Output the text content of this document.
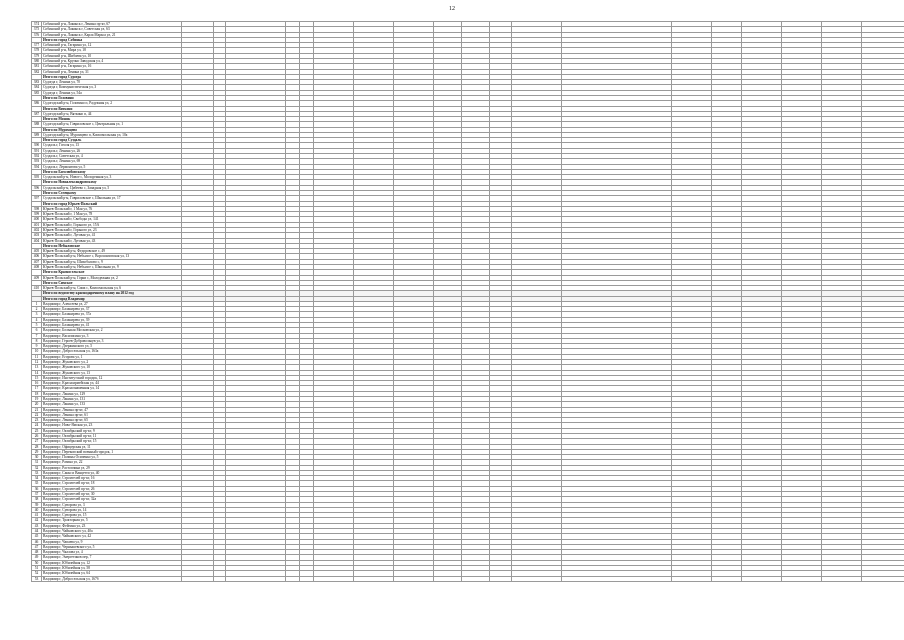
12
374	Собинский р-н, Лакинск г, Ленина пр-кт, 67																			
375	Собинский р-н, Лакинск г, Советская ул, 63																			
376	Собинский р-н, Лакинск г, Карла Маркса ул, 21																			
	Итого по город Собинка																			
377	Собинский р-н, Гагарина ул, 12																			
378	Собинский р-н, Мира ул, 18																			
379	Собинский р-н, Шибаева ул, 10																			
380	Собинский р-н, Крупно Заводская ул, 4																			
381	Собинский р-н, Гагарина ул, 16																			
382	Собинский р-н, Ленина ул, 31																			
	Итого по город Судогда																			
383	Судогда г, Ленина ул, 70																			
384	Судогда г, Коммунистическая ул, 3																			
385	Судогда г, Ленина ул, 54а																			
	Итого по Головино																			
386	Судогодский р-н, Головино п, Радужная ул, 2																			
	Итого по Вяткино																			
387	Судогодский р-н, Вяткино п, 44																			
	Итого по Мошок																			
388	Судогодский р-н, Гавриловское с, Центральная ул, 1																			
	Итого по Муромцево																			
389	Судогодский р-н, Муромцево п, Комсомольская ул, 10а																			
	Итого по город Суздаль																			
390	Суздаль г, Гоголя ул, 13																			
391	Суздаль г, Ленина ул, 26																			
392	Суздаль г, Советская ул, 4																			
393	Суздаль г, Ленина ул, 69																			
394	Суздаль г, Лермонтова ул, 5																			
	Итого по Боголюбовскому																			
395	Суздальский р-н, Новое с, Молодежная ул, 3																			
	Итого по Новоалександровскому																			
396	Суздальский р-н, Цибеево с, Западная ул, 5																			
	Итого по Селецкому																			
397	Суздальский р-н, Гавриловское с, Школьная ул, 17																			
	Итого по город Юрьев-Польский																			
398	Юрьев-Польский г, 1 Мая ул, 76																			
399	Юрьев-Польский г, 1 Мая ул, 78																			
400	Юрьев-Польский г, Свободы ул, 141																			
401	Юрьев-Польский г, Горького ул, 15А																			
402	Юрьев-Польский г, Горького ул, 23																			
403	Юрьев-Польский г, Луговая ул, 41																			
404	Юрьев-Польский г, Луговая ул, 43																			
	Итого по Небыловское																			
405	Юрьев-Польский р-н, Федоровское с, 49																			
406	Юрьев-Польский р-н, Небылое с, Ворошиловская ул, 13																			
407	Юрьев-Польский р-н, Шихобалово с, 9																			
408	Юрьев-Польский р-н, Небылое с, Школьная ул, 9																			
	Итого по Красносельское																			
409	Юрьев-Польский р-н, Горки с, Молодежная ул, 2																			
	Итого по Симское																			
410	Юрьев-Польский р-н, Сима с, Комсомольская ул, 6																			
	Итого по ведомству краснодарочному плану на 2012 год																			
	Итого по город Владимир																			
1	Владимир г, Алексеева ул, 27																			
2	Владимир г, Балакирева ул, 37																			
3	Владимир г, Балакирева ул, 37а																			
4	Владимир г, Балакирева ул, 39																			
5	Владимир г, Балакирева ул, 41																			
6	Владимир г, Большая Московская ул, 2																			
7	Владимир г, Василисина ул, 3																			
8	Владимир г, Героев-Добровольцев ул, 3																			
9	Владимир г, Дзержинского ул, 5																			
10	Владимир г, Добросельская ул, 163а																			
11	Владимир г, Егорова ул, 1																			
12	Владимир г, Жуковского ул, 2																			
13	Владимир г, Жуковского ул, 10																			
14	Владимир г, Жуковского ул, 13																			
15	Владимир г, Институтский городок, 12																			
16	Владимир г, Красноармейская ул, 44																			
17	Владимир г, Краснознаменная ул, 14																			
18	Владимир г, Лакина ул, 129																			
19	Владимир г, Лакина ул, 131																			
20	Владимир г, Лакина ул, 133																			
21	Владимир г, Ленина пр-кт, 47																			
22	Владимир г, Ленина пр-кт, 61																			
23	Владимир г, Ленина пр-кт, 65																			
24	Владимир г, Ново-Ямская ул, 23																			
25	Владимир г, Октябрьский пр-кт, 9																			
26	Владимир г, Октябрьский пр-кт, 11																			
27	Владимир г, Октябрьский пр-кт, 15																			
28	Владимир г, Офицерская ул, 11																			
29	Владимир г, Перекопский военный городок, 1																			
30	Владимир г, Полины Осипенко ул, 5																			
31	Владимир г, Разина ул, 22																			
32	Владимир г, Растопчина ул, 29																			
33	Владимир г, Сакко и Ванцетти ул, 40																			
34	Владимир г, Строителей пр-кт, 16																			
35	Владимир г, Строителей пр-кт, 18																			
36	Владимир г, Строителей пр-кт, 26																			
37	Владимир г, Строителей пр-кт, 30																			
38	Владимир г, Строителей пр-кт, 32а																			
39	Владимир г, Суворова ул, 3																			
40	Владимир г, Суворова ул, 14																			
41	Владимир г, Суворова ул, 15																			
42	Владимир г, Тракторная ул, 5																			
43	Владимир г, Фейгина ул, 23																			
44	Владимир г, Чайковского ул, 40а																			
45	Владимир г, Чайковского ул, 42																			
46	Владимир г, Чапаева ул, 9																			
47	Владимир г, Чернышевского ул, 5																			
48	Владимир г, Чкалова ул, 4																			
49	Владимир г, Энергетиков пер, 7																			
50	Владимир г, Юбилейная ул, 12																			
51	Владимир г, Юбилейная ул, 58																			
52	Владимир г, Юбилейная ул, 64																			
53	Владимир г, Добросельская ул, 167б																			
